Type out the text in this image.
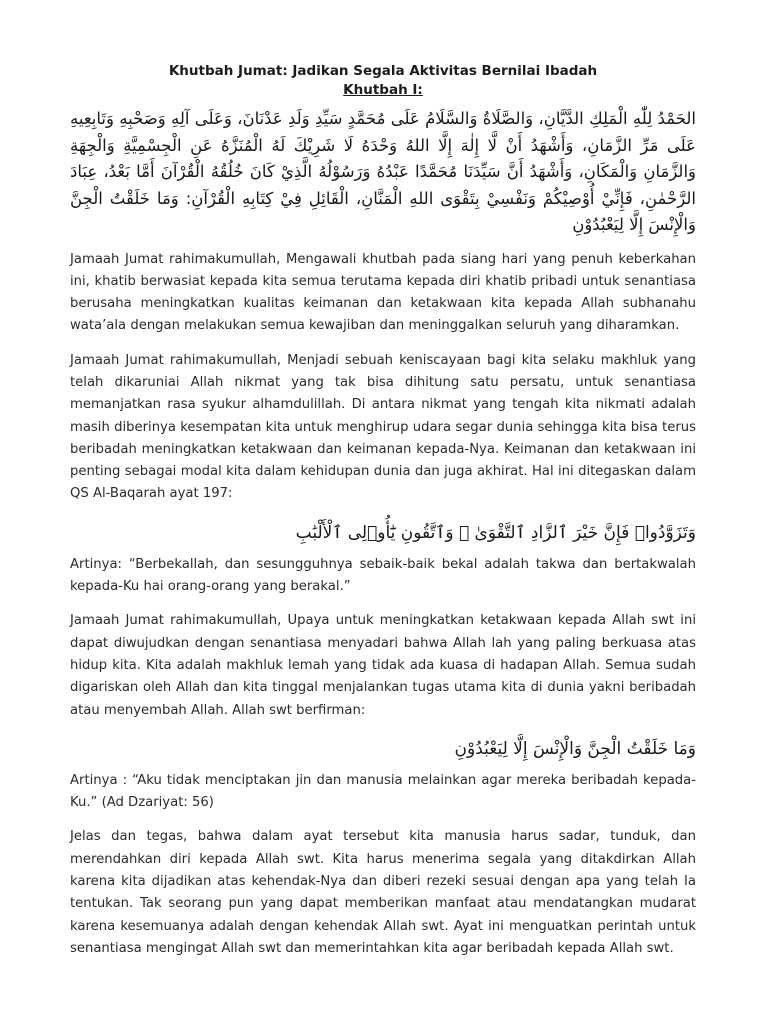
Khutbah Jumat: Jadikan Segala Aktivitas Bernilai Ibadah
Khutbah I:
الحَمْدُ لِلّٰهِ الْمَلِكِ الدَّيَّانِ، وَالصَّلَاةُ وَالسَّلَامُ عَلَى مُحَمَّدٍ سَيِّدِ وَلَدِ عَدْنَانَ، وَعَلَى آلِهِ وَصَحْبِهِ وَتَابِعِيهِ عَلَى مَرِّ الزَّمَانِ، وَأَشْهَدُ أَنْ لَّا إِلٰهَ إِلَّا اللهُ وَحْدَهُ لَا شَرِيْكَ لَهُ الْمُنَزَّهُ عَنِ الْجِسْمِيَّةِ وَالْجِهَةِ وَالزَّمَانِ وَالْمَكَانِ، وَأَشْهَدُ أَنَّ سَيِّدَنَا مُحَمَّدًا عَبْدُهُ وَرَسُوْلُهُ الَّذِيْ كَانَ خُلُقُهُ الْقُرْآنَ أَمَّا بَعْدُ، عِبَادَ الرَّحْمٰنِ، فَإِنِّيْ أُوْصِيْكُمْ وَنَفْسِيْ بِتَقْوَى اللهِ الْمَنَّانِ، الْقَائِلِ فِيْ كِتَابِهِ الْقُرْآنِ: وَمَا خَلَقْتُ الْجِنَّ وَالْإِنْسَ إِلَّا لِيَعْبُدُوْنِ

Jamaah Jumat rahimakumullah, Mengawali khutbah pada siang hari yang penuh keberkahan ini, khatib berwasiat kepada kita semua terutama kepada diri khatib pribadi untuk senantiasa berusaha meningkatkan kualitas keimanan dan ketakwaan kita kepada Allah subhanahu wata’ala dengan melakukan semua kewajiban dan meninggalkan seluruh yang diharamkan.

Jamaah Jumat rahimakumullah, Menjadi sebuah keniscayaan bagi kita selaku makhluk yang telah dikaruniai Allah nikmat yang tak bisa dihitung satu persatu, untuk senantiasa memanjatkan rasa syukur alhamdulillah. Di antara nikmat yang tengah kita nikmati adalah masih diberinya kesempatan kita untuk menghirup udara segar dunia sehingga kita bisa terus beribadah meningkatkan ketakwaan dan keimanan kepada-Nya. Keimanan dan ketakwaan ini penting sebagai modal kita dalam kehidupan dunia dan juga akhirat. Hal ini ditegaskan dalam QS Al-Baqarah ayat 197:

وَتَزَوَّدُوا۟ فَإِنَّ خَيْرَ ٱلزَّادِ ٱلتَّقْوَىٰ ۚ وَٱتَّقُونِ يَٰٓأُو۟لِى ٱلْأَلْبَٰبِ

Artinya: “Berbekallah, dan sesungguhnya sebaik-baik bekal adalah takwa dan bertakwalah kepada-Ku hai orang-orang yang berakal.”

Jamaah Jumat rahimakumullah, Upaya untuk meningkatkan ketakwaan kepada Allah swt ini dapat diwujudkan dengan senantiasa menyadari bahwa Allah lah yang paling berkuasa atas hidup kita. Kita adalah makhluk lemah yang tidak ada kuasa di hadapan Allah. Semua sudah digariskan oleh Allah dan kita tinggal menjalankan tugas utama kita di dunia yakni beribadah atau menyembah Allah. Allah swt berfirman:

وَمَا خَلَقْتُ الْجِنَّ وَالْإِنْسَ إِلَّا لِيَعْبُدُوْنِ

Artinya : “Aku tidak menciptakan jin dan manusia melainkan agar mereka beribadah kepada-Ku.” (Ad Dzariyat: 56)

Jelas dan tegas, bahwa dalam ayat tersebut kita manusia harus sadar, tunduk, dan merendahkan diri kepada Allah swt. Kita harus menerima segala yang ditakdirkan Allah karena kita dijadikan atas kehendak-Nya dan diberi rezeki sesuai dengan apa yang telah Ia tentukan. Tak seorang pun yang dapat memberikan manfaat atau mendatangkan mudarat karena kesemuanya adalah dengan kehendak Allah swt. Ayat ini menguatkan perintah untuk senantiasa mengingat Allah swt dan memerintahkan kita agar beribadah kepada Allah swt.
